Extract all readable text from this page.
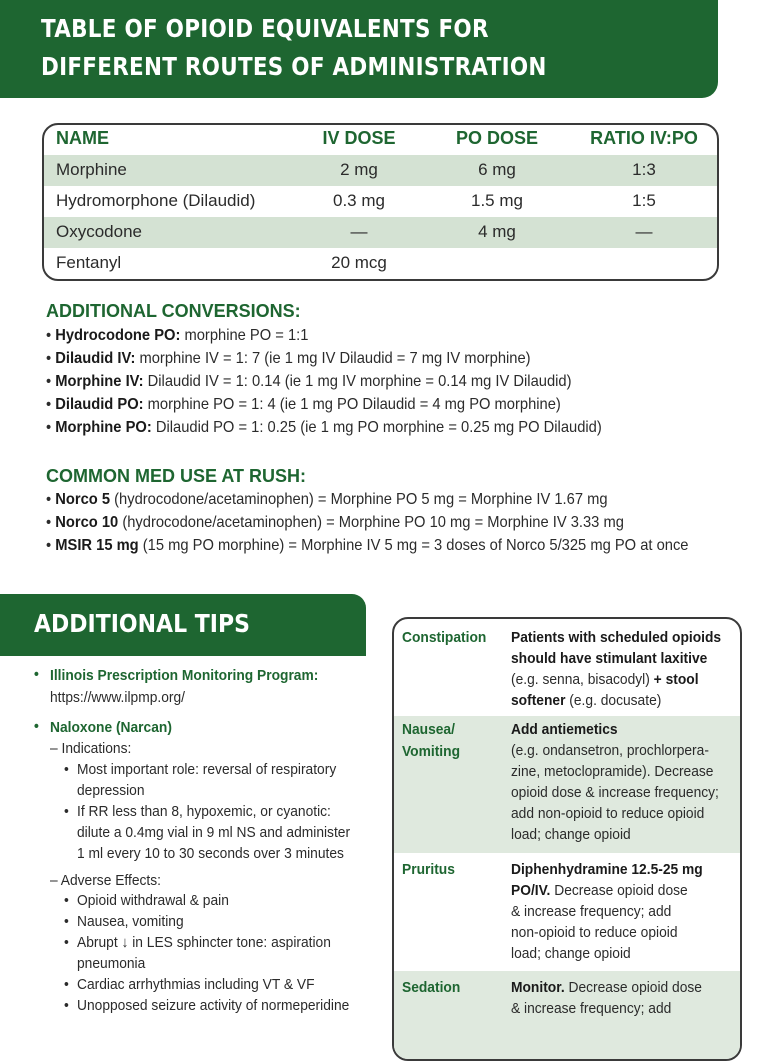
TABLE OF OPIOID EQUIVALENTS FOR
DIFFERENT ROUTES OF ADMINISTRATION
NAME	IV DOSE	PO DOSE	RATIO IV:PO
Morphine	2 mg	6 mg	1:3
Hydromorphone (Dilaudid)	0.3 mg	1.5 mg	1:5
Oxycodone	—	4 mg	—
Fentanyl	20 mcg
ADDITIONAL CONVERSIONS:
• Hydrocodone PO: morphine PO = 1:1
• Dilaudid IV: morphine IV = 1: 7 (ie 1 mg IV Dilaudid = 7 mg IV morphine)
• Morphine IV: Dilaudid IV = 1: 0.14 (ie 1 mg IV morphine = 0.14 mg IV Dilaudid)
• Dilaudid PO: morphine PO = 1: 4 (ie 1 mg PO Dilaudid = 4 mg PO morphine)
• Morphine PO: Dilaudid PO = 1: 0.25 (ie 1 mg PO morphine = 0.25 mg PO Dilaudid)
COMMON MED USE AT RUSH:
• Norco 5 (hydrocodone/acetaminophen) = Morphine PO 5 mg = Morphine IV 1.67 mg
• Norco 10 (hydrocodone/acetaminophen) = Morphine PO 10 mg = Morphine IV 3.33 mg
• MSIR 15 mg (15 mg PO morphine) = Morphine IV 5 mg = 3 doses of Norco 5/325 mg PO at once
ADDITIONAL TIPS
• Illinois Prescription Monitoring Program:
https://www.ilpmp.org/
• Naloxone (Narcan)
– Indications:
• Most important role: reversal of respiratory
depression
• If RR less than 8, hypoxemic, or cyanotic:
dilute a 0.4mg vial in 9 ml NS and administer
1 ml every 10 to 30 seconds over 3 minutes
– Adverse Effects:
• Opioid withdrawal & pain
• Nausea, vomiting
• Abrupt ↓ in LES sphincter tone: aspiration
pneumonia
• Cardiac arrhythmias including VT & VF
• Unopposed seizure activity of normeperidine
Constipation Patients with scheduled opioids
should have stimulant laxitive
(e.g. senna, bisacodyl) + stool
softener (e.g. docusate)
Nausea/
Vomiting
Add antiemetics
(e.g. ondansetron, prochlorpera-
zine, metoclopramide). Decrease
opioid dose & increase frequency;
add non-opioid to reduce opioid
load; change opioid
Pruritus	Diphenhydramine 12.5-25 mg
PO/IV. Decrease opioid dose
& increase frequency; add
non-opioid to reduce opioid
load; change opioid
Sedation	Monitor. Decrease opioid dose
& increase frequency; add
